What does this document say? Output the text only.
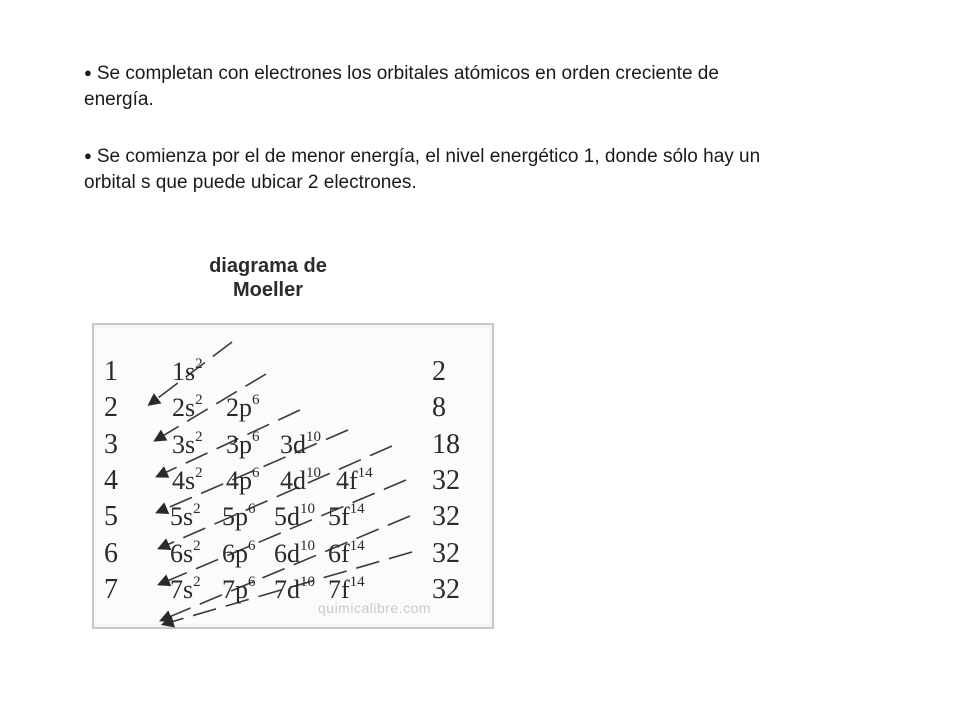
● Se completan con electrones los orbitales atómicos en orden creciente de energía.

● Se comienza por el de menor energía, el nivel energético 1, donde sólo hay un orbital s que puede ubicar 2 electrones.

diagrama de
Moeller
quimicalibre.com
1
2
3
4
5
6
7
2
8
18
32
32
32
32
$1s^2$
$2s^2$ $2p^6$
$3s^2$ $3p^6$ $3d^{10}$
$4s^2$ $4p^6$ $4d^{10}$ $4f^{14}$
$5s^2$ $5p^6$ $5d^{10}$ $5f^{14}$
$6s^2$ $6p^6$ $6d^{10}$ $6f^{14}$
$7s^2$ $7p^6$ $7d^{10}$ $7f^{14}$
